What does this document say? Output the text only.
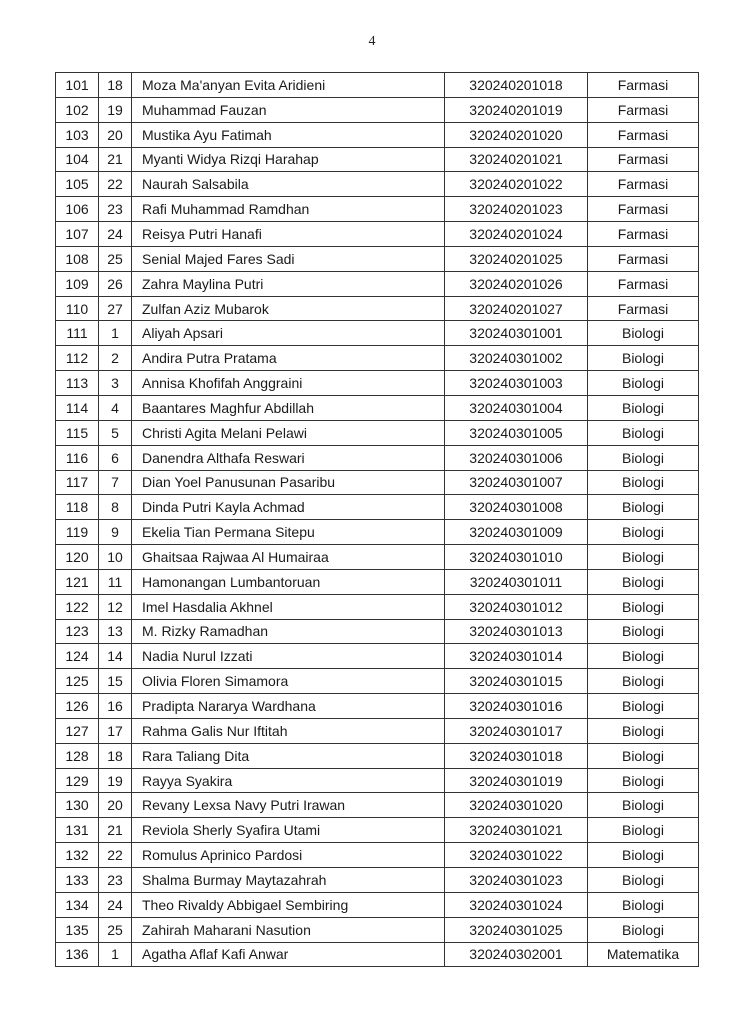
4
101	18	Moza Ma'anyan Evita Aridieni	320240201018	Farmasi
102	19	Muhammad Fauzan	320240201019	Farmasi
103	20	Mustika Ayu Fatimah	320240201020	Farmasi
104	21	Myanti Widya Rizqi Harahap	320240201021	Farmasi
105	22	Naurah Salsabila	320240201022	Farmasi
106	23	Rafi Muhammad Ramdhan	320240201023	Farmasi
107	24	Reisya Putri Hanafi	320240201024	Farmasi
108	25	Senial Majed Fares Sadi	320240201025	Farmasi
109	26	Zahra Maylina Putri	320240201026	Farmasi
110	27	Zulfan Aziz Mubarok	320240201027	Farmasi
111	1	Aliyah Apsari	320240301001	Biologi
112	2	Andira Putra Pratama	320240301002	Biologi
113	3	Annisa Khofifah Anggraini	320240301003	Biologi
114	4	Baantares Maghfur Abdillah	320240301004	Biologi
115	5	Christi Agita Melani Pelawi	320240301005	Biologi
116	6	Danendra Althafa Reswari	320240301006	Biologi
117	7	Dian Yoel Panusunan Pasaribu	320240301007	Biologi
118	8	Dinda Putri Kayla Achmad	320240301008	Biologi
119	9	Ekelia Tian Permana Sitepu	320240301009	Biologi
120	10	Ghaitsaa Rajwaa Al Humairaa	320240301010	Biologi
121	11	Hamonangan Lumbantoruan	320240301011	Biologi
122	12	Imel Hasdalia Akhnel	320240301012	Biologi
123	13	M. Rizky Ramadhan	320240301013	Biologi
124	14	Nadia Nurul Izzati	320240301014	Biologi
125	15	Olivia Floren Simamora	320240301015	Biologi
126	16	Pradipta Nararya Wardhana	320240301016	Biologi
127	17	Rahma Galis Nur Iftitah	320240301017	Biologi
128	18	Rara Taliang Dita	320240301018	Biologi
129	19	Rayya Syakira	320240301019	Biologi
130	20	Revany Lexsa Navy Putri Irawan	320240301020	Biologi
131	21	Reviola Sherly Syafira Utami	320240301021	Biologi
132	22	Romulus Aprinico Pardosi	320240301022	Biologi
133	23	Shalma Burmay Maytazahrah	320240301023	Biologi
134	24	Theo Rivaldy Abbigael Sembiring	320240301024	Biologi
135	25	Zahirah Maharani Nasution	320240301025	Biologi
136	1	Agatha Aflaf Kafi Anwar	320240302001	Matematika
